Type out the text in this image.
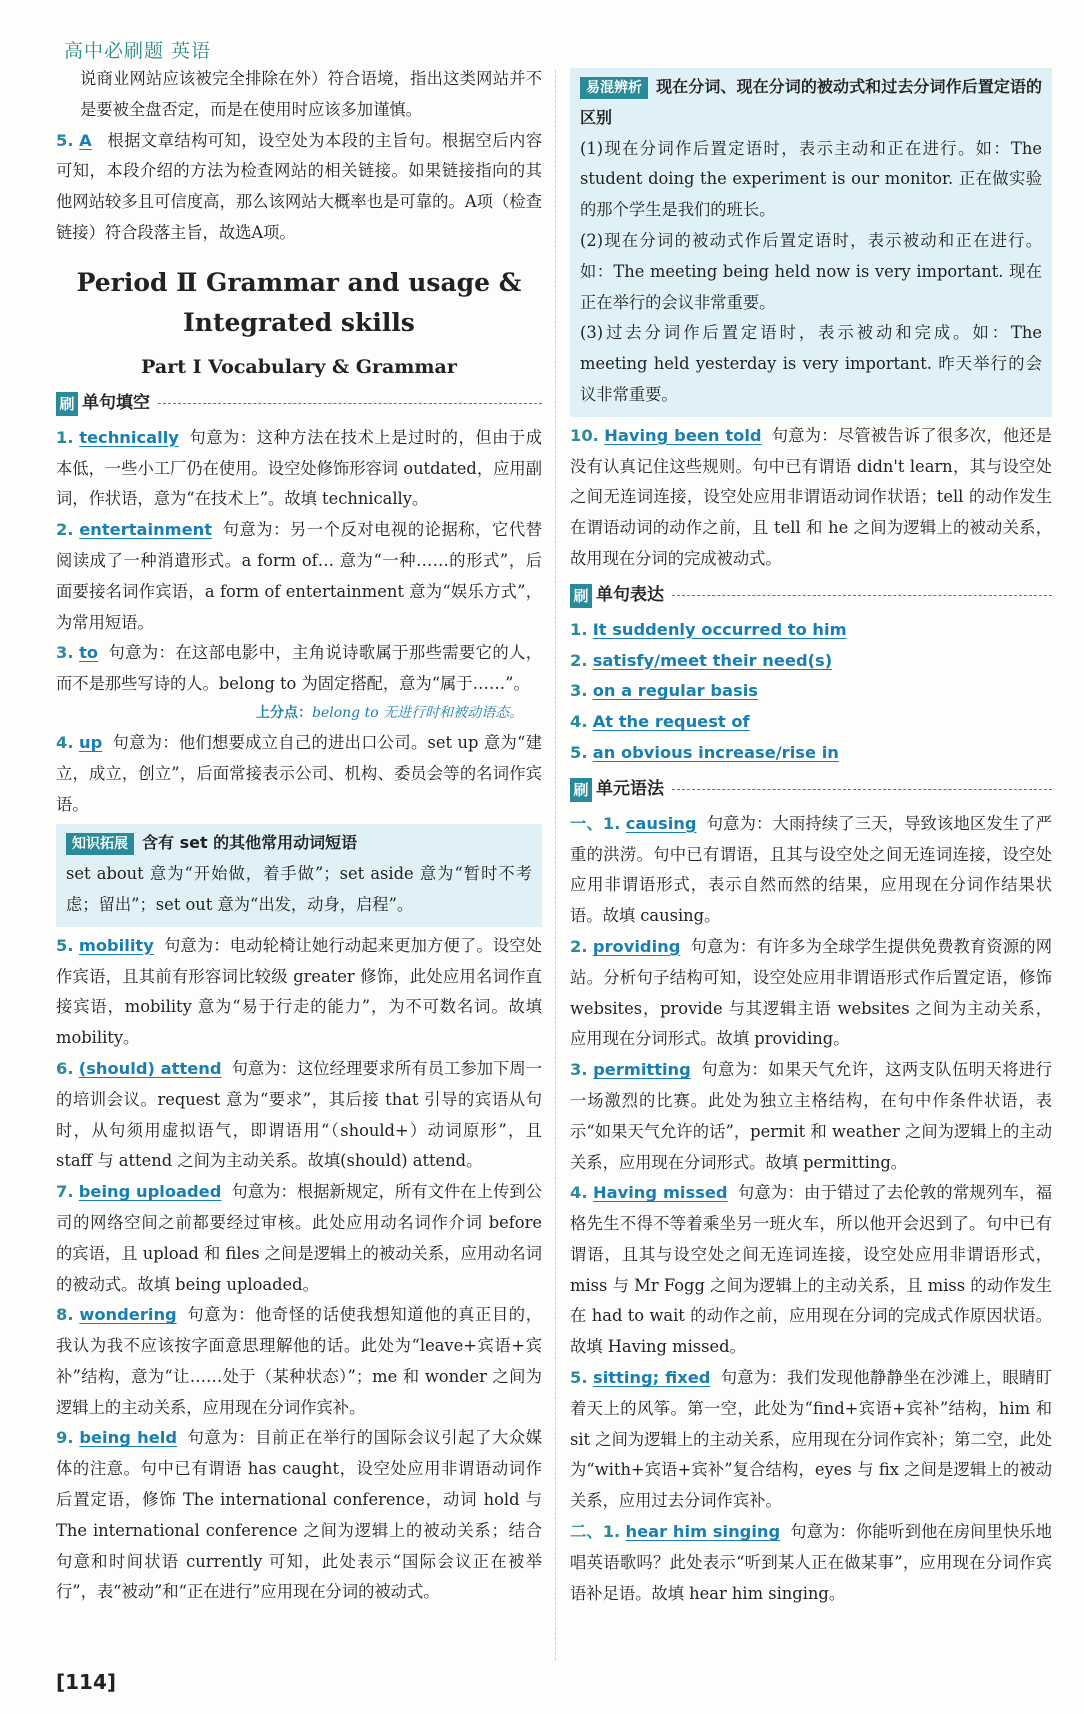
高中必刷题 英语

说商业网站应该被完全排除在外）符合语境，指出这类网站并不是要被全盘否定，而是在使用时应该多加谨慎。

5. A 根据文章结构可知，设空处为本段的主旨句。根据空后内容可知，本段介绍的方法为检查网站的相关链接。如果链接指向的其他网站较多且可信度高，那么该网站大概率也是可靠的。A项（检查链接）符合段落主旨，故选A项。

Period Ⅱ Grammar and usage &
Integrated skills
Part Ⅰ Vocabulary & Grammar
刷 单句填空

1. technically 句意为：这种方法在技术上是过时的，但由于成本低，一些小工厂仍在使用。设空处修饰形容词 outdated，应用副词，作状语，意为“在技术上”。故填 technically。

2. entertainment 句意为：另一个反对电视的论据称，它代替阅读成了一种消遣形式。a form of… 意为“一种……的形式”，后面要接名词作宾语，a form of entertainment 意为“娱乐方式”，为常用短语。

3. to 句意为：在这部电影中，主角说诗歌属于那些需要它的人，而不是那些写诗的人。belong to 为固定搭配，意为“属于……”。

上分点：belong to 无进行时和被动语态。

4. up 句意为：他们想要成立自己的进出口公司。set up 意为“建立，成立，创立”，后面常接表示公司、机构、委员会等的名词作宾语。

知识拓展 含有 set 的其他常用动词短语

set about 意为“开始做，着手做”；set aside 意为“暂时不考虑；留出”；set out 意为“出发，动身，启程”。

5. mobility 句意为：电动轮椅让她行动起来更加方便了。设空处作宾语，且其前有形容词比较级 greater 修饰，此处应用名词作直接宾语，mobility 意为“易于行走的能力”，为不可数名词。故填 mobility。

6. (should) attend 句意为：这位经理要求所有员工参加下周一的培训会议。request 意为“要求”，其后接 that 引导的宾语从句时，从句须用虚拟语气，即谓语用“（should+）动词原形”，且 staff 与 attend 之间为主动关系。故填(should) attend。

7. being uploaded 句意为：根据新规定，所有文件在上传到公司的网络空间之前都要经过审核。此处应用动名词作介词 before 的宾语，且 upload 和 files 之间是逻辑上的被动关系，应用动名词的被动式。故填 being uploaded。

8. wondering 句意为：他奇怪的话使我想知道他的真正目的，我认为我不应该按字面意思理解他的话。此处为“leave+宾语+宾补”结构，意为“让……处于（某种状态）”；me 和 wonder 之间为逻辑上的主动关系，应用现在分词作宾补。

9. being held 句意为：目前正在举行的国际会议引起了大众媒体的注意。句中已有谓语 has caught，设空处应用非谓语动词作后置定语，修饰 The international conference，动词 hold 与 The international conference 之间为逻辑上的被动关系；结合句意和时间状语 currently 可知，此处表示“国际会议正在被举行”，表“被动”和“正在进行”应用现在分词的被动式。

易混辨析 现在分词、现在分词的被动式和过去分词作后置定语的区别

(1)现在分词作后置定语时，表示主动和正在进行。如：The student doing the experiment is our monitor. 正在做实验的那个学生是我们的班长。

(2)现在分词的被动式作后置定语时，表示被动和正在进行。如：The meeting being held now is very important. 现在正在举行的会议非常重要。

(3)过去分词作后置定语时，表示被动和完成。如：The meeting held yesterday is very important. 昨天举行的会议非常重要。

10. Having been told 句意为：尽管被告诉了很多次，他还是没有认真记住这些规则。句中已有谓语 didn't learn，其与设空处之间无连词连接，设空处应用非谓语动词作状语；tell 的动作发生在谓语动词的动作之前，且 tell 和 he 之间为逻辑上的被动关系，故用现在分词的完成被动式。

刷 单句表达

1. It suddenly occurred to him

2. satisfy/meet their need(s)

3. on a regular basis

4. At the request of

5. an obvious increase/rise in

刷 单元语法

一、1. causing 句意为：大雨持续了三天，导致该地区发生了严重的洪涝。句中已有谓语，且其与设空处之间无连词连接，设空处应用非谓语形式，表示自然而然的结果，应用现在分词作结果状语。故填 causing。

2. providing 句意为：有许多为全球学生提供免费教育资源的网站。分析句子结构可知，设空处应用非谓语形式作后置定语，修饰 websites，provide 与其逻辑主语 websites 之间为主动关系，应用现在分词形式。故填 providing。

3. permitting 句意为：如果天气允许，这两支队伍明天将进行一场激烈的比赛。此处为独立主格结构，在句中作条件状语，表示“如果天气允许的话”，permit 和 weather 之间为逻辑上的主动关系，应用现在分词形式。故填 permitting。

4. Having missed 句意为：由于错过了去伦敦的常规列车，福格先生不得不等着乘坐另一班火车，所以他开会迟到了。句中已有谓语，且其与设空处之间无连词连接，设空处应用非谓语形式，miss 与 Mr Fogg 之间为逻辑上的主动关系，且 miss 的动作发生在 had to wait 的动作之前，应用现在分词的完成式作原因状语。故填 Having missed。

5. sitting; fixed 句意为：我们发现他静静坐在沙滩上，眼睛盯着天上的风筝。第一空，此处为“find+宾语+宾补”结构，him 和 sit 之间为逻辑上的主动关系，应用现在分词作宾补；第二空，此处为“with+宾语+宾补”复合结构，eyes 与 fix 之间是逻辑上的被动关系，应用过去分词作宾补。

二、1. hear him singing 句意为：你能听到他在房间里快乐地唱英语歌吗？此处表示“听到某人正在做某事”，应用现在分词作宾语补足语。故填 hear him singing。

[114]
